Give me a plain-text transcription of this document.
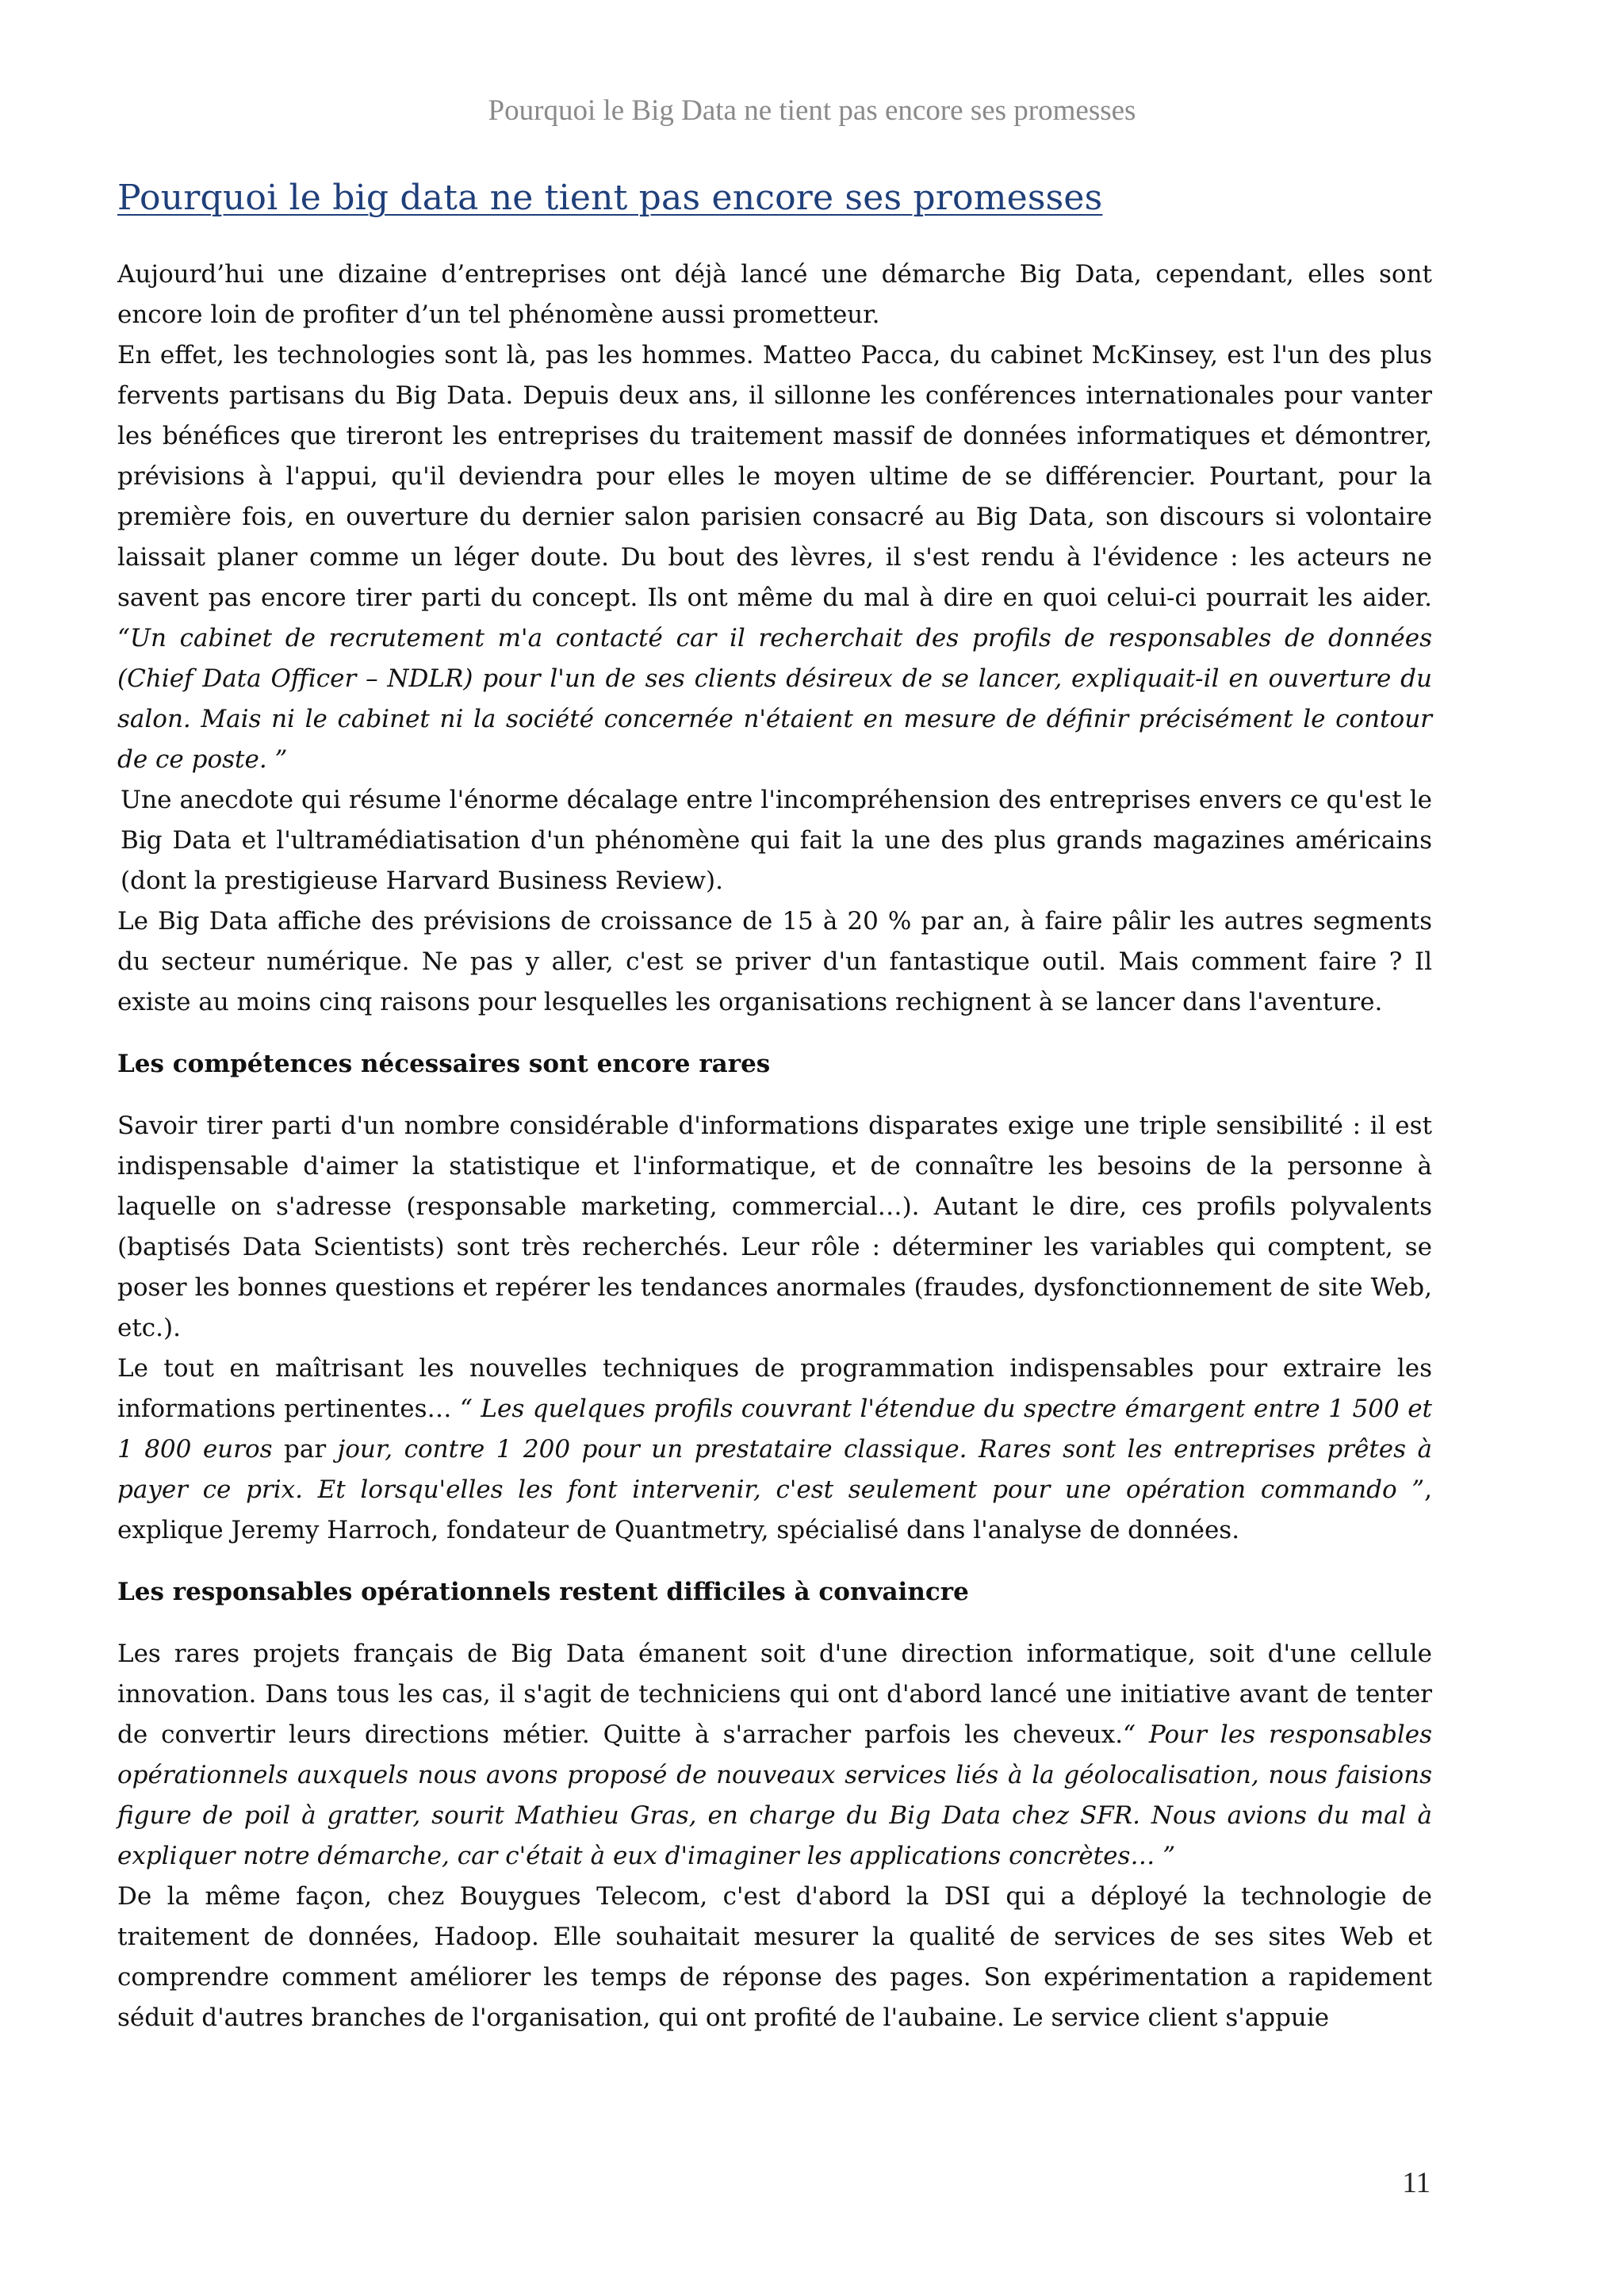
Pourquoi le Big Data ne tient pas encore ses promesses
Pourquoi le big data ne tient pas encore ses promesses

Aujourd’hui une dizaine d’entreprises ont déjà lancé une démarche Big Data, cependant, elles sont encore loin de profiter d’un tel phénomène aussi prometteur.

En effet, les technologies sont là, pas les hommes. Matteo Pacca, du cabinet McKinsey, est l'un des plus fervents partisans du Big Data. Depuis deux ans, il sillonne les conférences internationales pour vanter les bénéfices que tireront les entreprises du traitement massif de données informatiques et démontrer, prévisions à l'appui, qu'il deviendra pour elles le moyen ultime de se différencier. Pourtant, pour la première fois, en ouverture du dernier salon parisien consacré au Big Data, son discours si volontaire laissait planer comme un léger doute. Du bout des lèvres, il s'est rendu à l'évidence : les acteurs ne savent pas encore tirer parti du concept. Ils ont même du mal à dire en quoi celui-ci pourrait les aider. “Un cabinet de recrutement m'a contacté car il recherchait des profils de responsables de données (Chief Data Officer – NDLR) pour l'un de ses clients désireux de se lancer, expliquait-il en ouverture du salon. Mais ni le cabinet ni la société concernée n'étaient en mesure de définir précisément le contour de ce poste. ”

Une anecdote qui résume l'énorme décalage entre l'incompréhension des entreprises envers ce qu'est le Big Data et l'ultramédiatisation d'un phénomène qui fait la une des plus grands magazines américains (dont la prestigieuse Harvard Business Review).

Le Big Data affiche des prévisions de croissance de 15 à 20 % par an, à faire pâlir les autres segments du secteur numérique. Ne pas y aller, c'est se priver d'un fantastique outil. Mais comment faire ? Il existe au moins cinq raisons pour lesquelles les organisations rechignent à se lancer dans l'aventure.

Les compétences nécessaires sont encore rares

Savoir tirer parti d'un nombre considérable d'informations disparates exige une triple sensibilité : il est indispensable d'aimer la statistique et l'informatique, et de connaître les besoins de la personne à laquelle on s'adresse (responsable marketing, commercial…). Autant le dire, ces profils polyvalents (baptisés Data Scientists) sont très recherchés. Leur rôle : déterminer les variables qui comptent, se poser les bonnes questions et repérer les tendances anormales (fraudes, dysfonctionnement de site Web, etc.).

Le tout en maîtrisant les nouvelles techniques de programmation indispensables pour extraire les informations pertinentes… “ Les quelques profils couvrant l'étendue du spectre émargent entre 1 500 et 1 800 euros par jour, contre 1 200 pour un prestataire classique. Rares sont les entreprises prêtes à payer ce prix. Et lorsqu'elles les font intervenir, c'est seulement pour une opération commando ”, explique Jeremy Harroch, fondateur de Quantmetry, spécialisé dans l'analyse de données.

Les responsables opérationnels restent difficiles à convaincre

Les rares projets français de Big Data émanent soit d'une direction informatique, soit d'une cellule innovation. Dans tous les cas, il s'agit de techniciens qui ont d'abord lancé une initiative avant de tenter de convertir leurs directions métier. Quitte à s'arracher parfois les cheveux.“ Pour les responsables opérationnels auxquels nous avons proposé de nouveaux services liés à la géolocalisation, nous faisions figure de poil à gratter, sourit Mathieu Gras, en charge du Big Data chez SFR. Nous avions du mal à expliquer notre démarche, car c'était à eux d'imaginer les applications concrètes… ”

De la même façon, chez Bouygues Telecom, c'est d'abord la DSI qui a déployé la technologie de traitement de données, Hadoop. Elle souhaitait mesurer la qualité de services de ses sites Web et comprendre comment améliorer les temps de réponse des pages. Son expérimentation a rapidement séduit d'autres branches de l'organisation, qui ont profité de l'aubaine. Le service client s'appuie

11
